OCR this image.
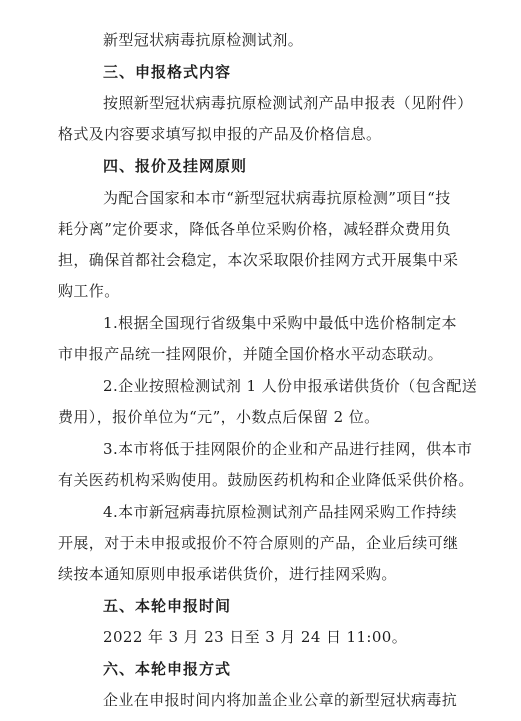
新型冠状病毒抗原检测试剂。
三、申报格式内容
按照新型冠状病毒抗原检测试剂产品申报表（见附件）
格式及内容要求填写拟申报的产品及价格信息。
四、报价及挂网原则
为配合国家和本市“新型冠状病毒抗原检测”项目“技
耗分离”定价要求，降低各单位采购价格，减轻群众费用负
担，确保首都社会稳定，本次采取限价挂网方式开展集中采
购工作。
1.根据全国现行省级集中采购中最低中选价格制定本
市申报产品统一挂网限价，并随全国价格水平动态联动。
2.企业按照检测试剂 1 人份申报承诺供货价（包含配送
费用），报价单位为“元”，小数点后保留 2 位。
3.本市将低于挂网限价的企业和产品进行挂网，供本市
有关医药机构采购使用。鼓励医药机构和企业降低采供价格。
4.本市新冠病毒抗原检测试剂产品挂网采购工作持续
开展，对于未申报或报价不符合原则的产品，企业后续可继
续按本通知原则申报承诺供货价，进行挂网采购。
五、本轮申报时间
2022 年 3 月 23 日至 3 月 24 日 11:00。
六、本轮申报方式
企业在申报时间内将加盖企业公章的新型冠状病毒抗
